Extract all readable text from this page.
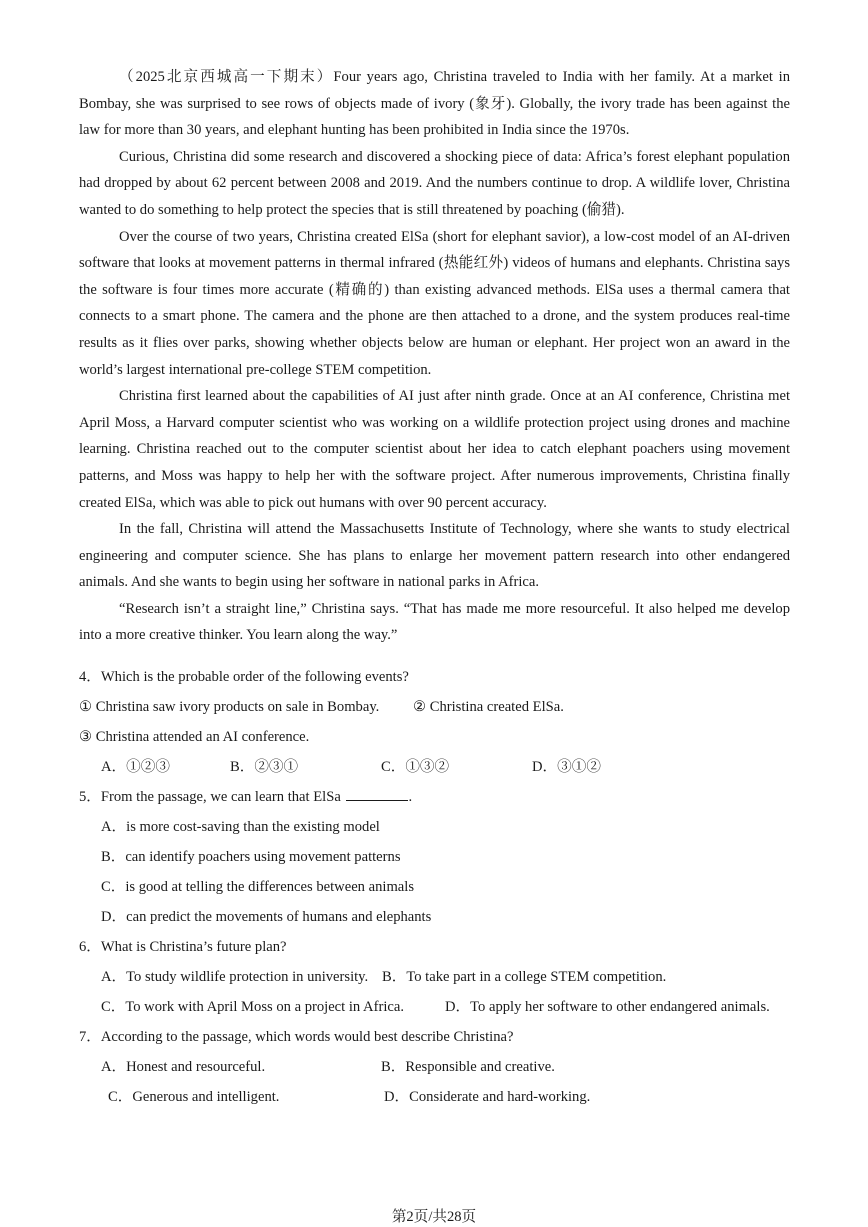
（2025北京西城高一下期末）Four years ago, Christina traveled to India with her family. At a market in Bombay, she was surprised to see rows of objects made of ivory (象牙). Globally, the ivory trade has been against the law for more than 30 years, and elephant hunting has been prohibited in India since the 1970s.

Curious, Christina did some research and discovered a shocking piece of data: Africa’s forest elephant population had dropped by about 62 percent between 2008 and 2019. And the numbers continue to drop. A wildlife lover, Christina wanted to do something to help protect the species that is still threatened by poaching (偷猎).

Over the course of two years, Christina created ElSa (short for elephant savior), a low-cost model of an AI-driven software that looks at movement patterns in thermal infrared (热能红外) videos of humans and elephants. Christina says the software is four times more accurate (精确的) than existing advanced methods. ElSa uses a thermal camera that connects to a smart phone. The camera and the phone are then attached to a drone, and the system produces real-time results as it flies over parks, showing whether objects below are human or elephant. Her project won an award in the world’s largest international pre-college STEM competition.

Christina first learned about the capabilities of AI just after ninth grade. Once at an AI conference, Christina met April Moss, a Harvard computer scientist who was working on a wildlife protection project using drones and machine learning. Christina reached out to the computer scientist about her idea to catch elephant poachers using movement patterns, and Moss was happy to help her with the software project. After numerous improvements, Christina finally created ElSa, which was able to pick out humans with over 90 percent accuracy.

In the fall, Christina will attend the Massachusetts Institute of Technology, where she wants to study electrical engineering and computer science. She has plans to enlarge her movement pattern research into other endangered animals. And she wants to begin using her software in national parks in Africa.

“Research isn’t a straight line,” Christina says. “That has made me more resourceful. It also helped me develop into a more creative thinker. You learn along the way.”

4．Which is the probable order of the following events?
① Christina saw ivory products on sale in Bombay. ② Christina created ElSa.
③ Christina attended an AI conference.
A．①②③	B．②③①	C．①③②	D．③①②
5．From the passage, we can learn that ElSa	.
A．is more cost-saving than the existing model
B．can identify poachers using movement patterns
C．is good at telling the differences between animals
D．can predict the movements of humans and elephants
6．What is Christina’s future plan?
A．To study wildlife protection in university. B．To take part in a college STEM competition.
C．To work with April Moss on a project in Africa.	D．To apply her software to other endangered animals.
7．According to the passage, which words would best describe Christina?
A．Honest and resourceful.	B．Responsible and creative.
C．Generous and intelligent.	D．Considerate and hard-working.
第2页/共28页
